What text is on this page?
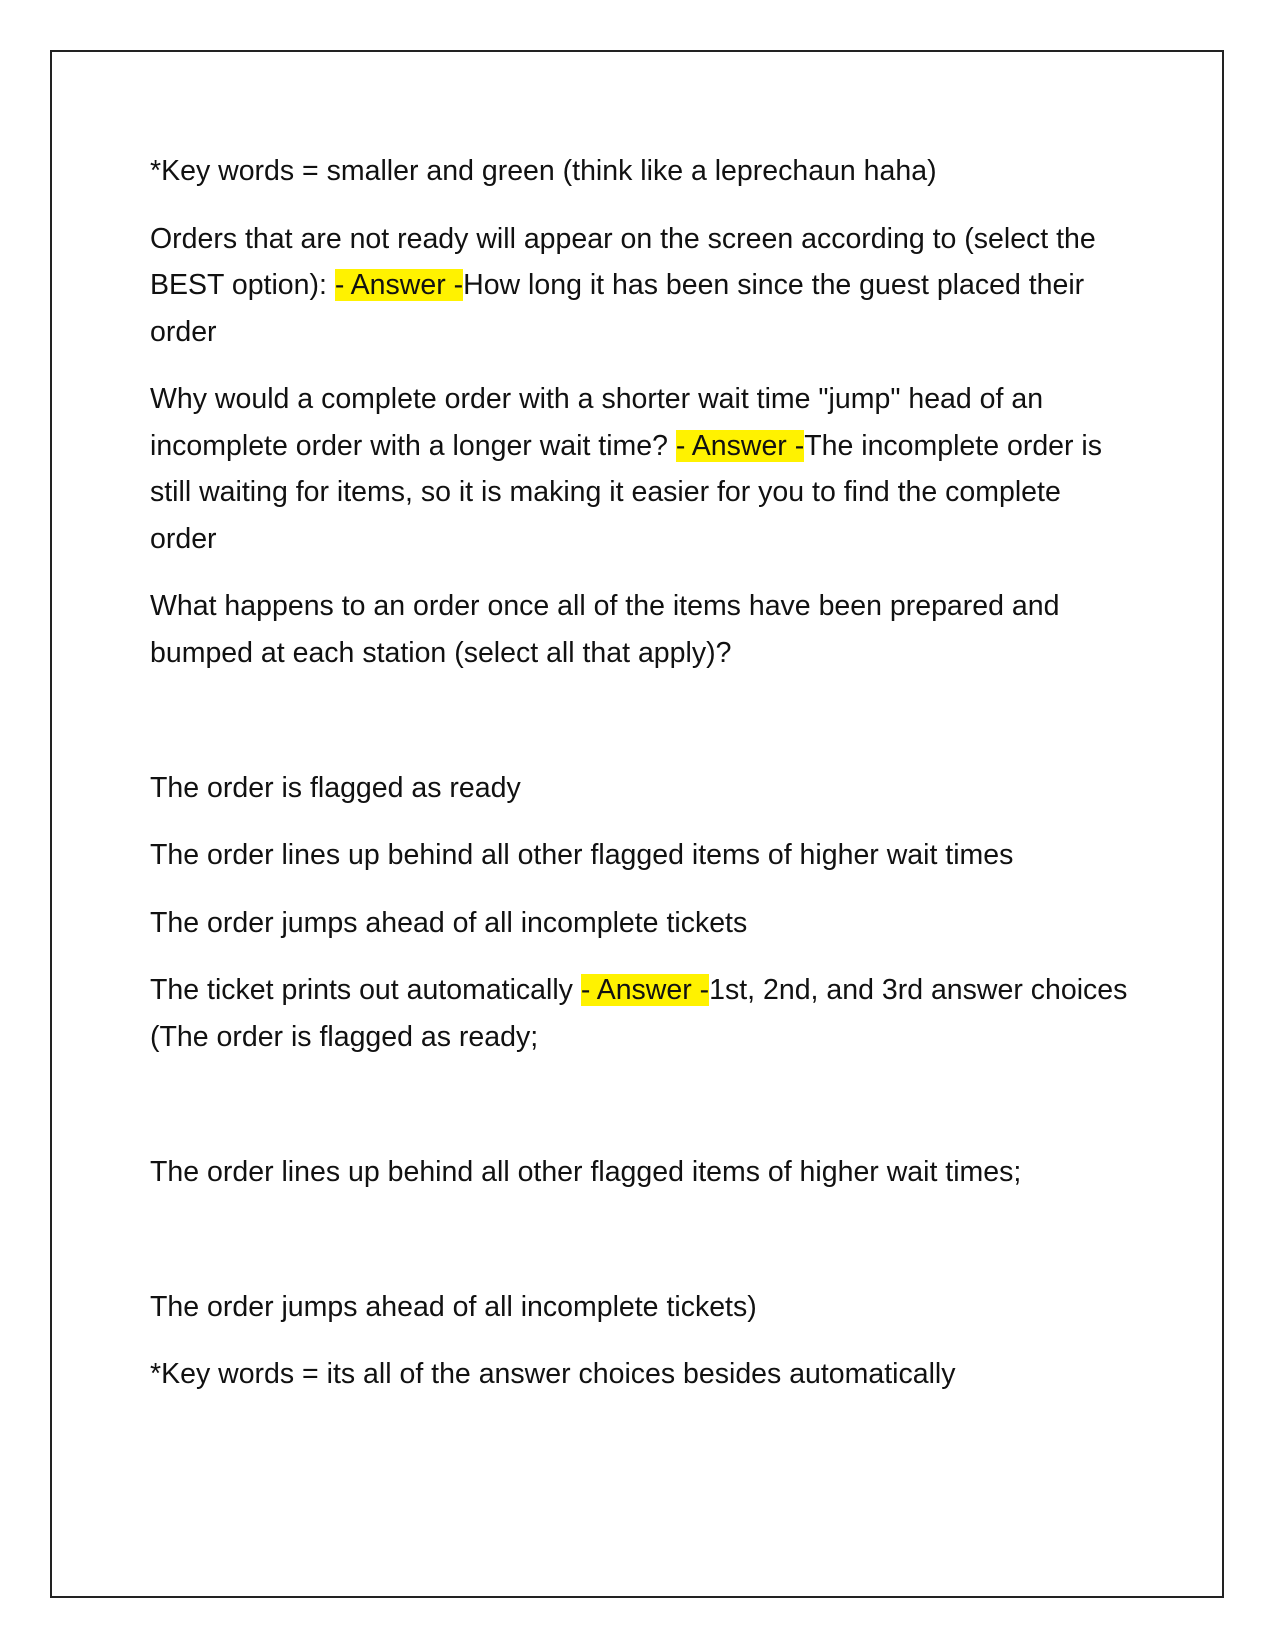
*Key words = smaller and green (think like a leprechaun haha)

Orders that are not ready will appear on the screen according to (select the BEST option): - Answer -How long it has been since the guest placed their order

Why would a complete order with a shorter wait time "jump" head of an incomplete order with a longer wait time? - Answer -The incomplete order is still waiting for items, so it is making it easier for you to find the complete order

What happens to an order once all of the items have been prepared and bumped at each station (select all that apply)?

The order is flagged as ready

The order lines up behind all other flagged items of higher wait times

The order jumps ahead of all incomplete tickets

The ticket prints out automatically - Answer -1st, 2nd, and 3rd answer choices (The order is flagged as ready;

The order lines up behind all other flagged items of higher wait times;

The order jumps ahead of all incomplete tickets)

*Key words = its all of the answer choices besides automatically
